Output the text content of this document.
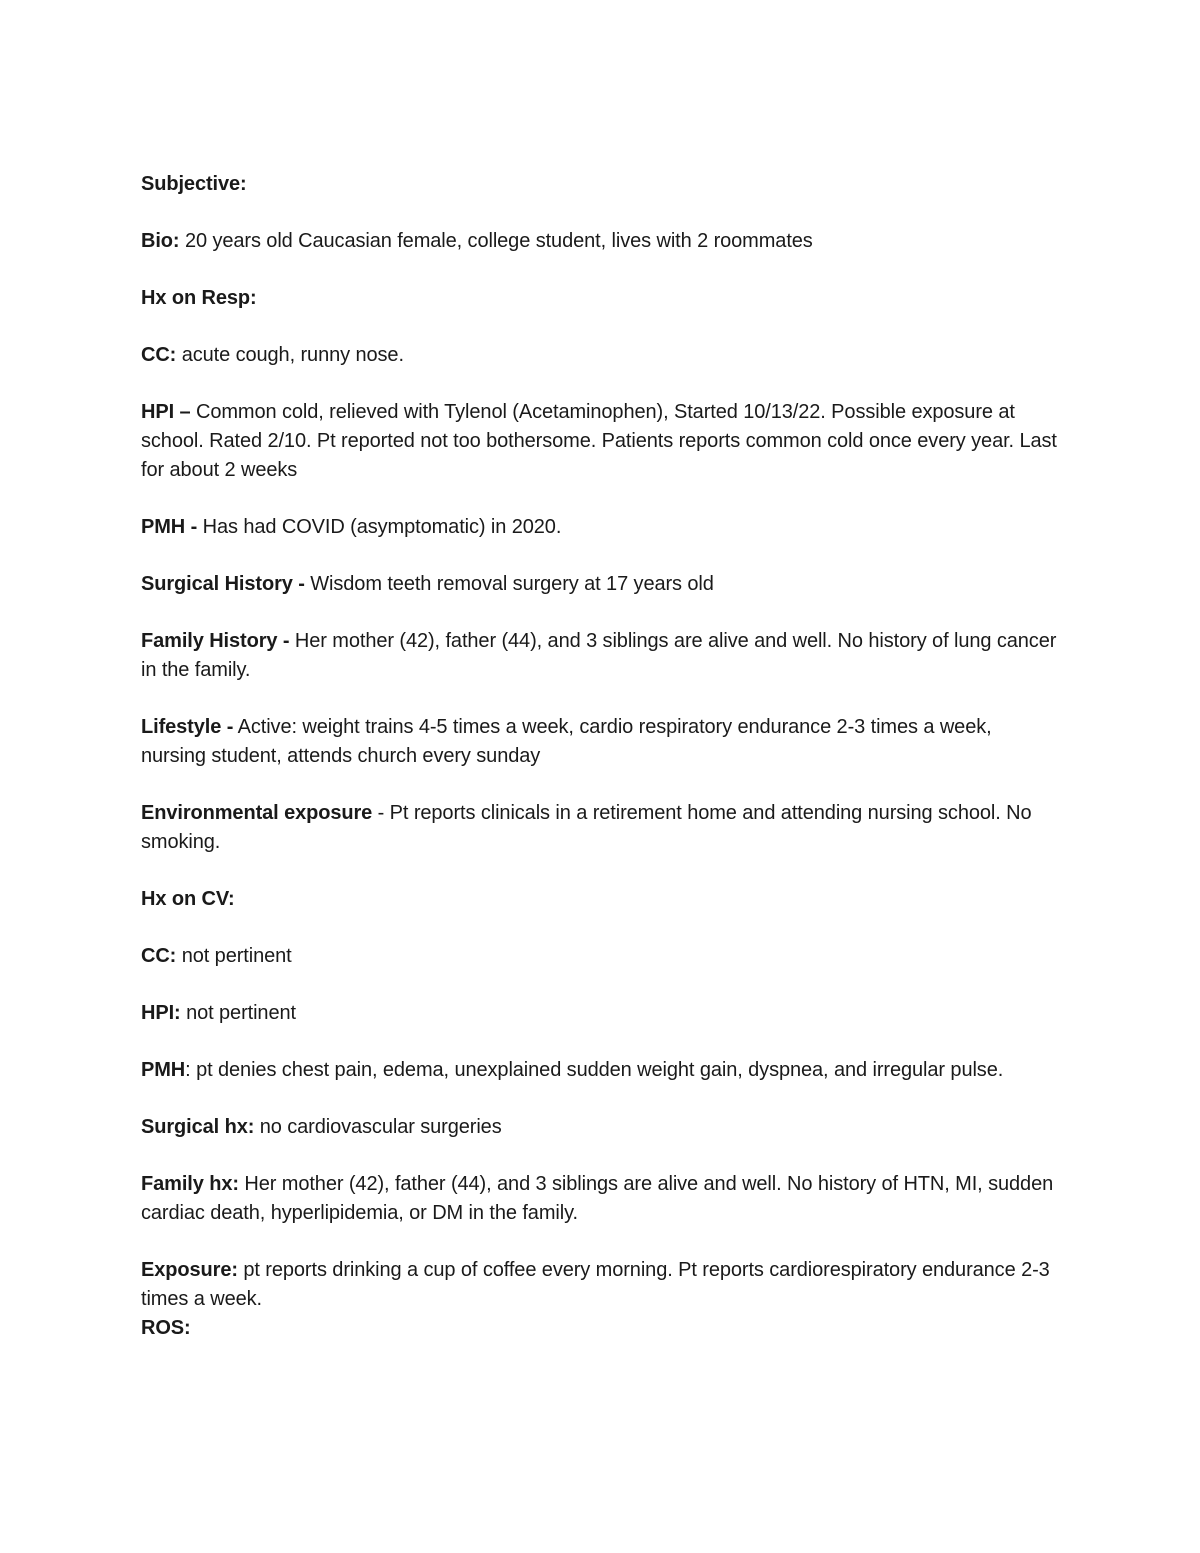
Subjective:

Bio: 20 years old Caucasian female, college student, lives with 2 roommates

Hx on Resp:

CC: acute cough, runny nose.

HPI – Common cold, relieved with Tylenol (Acetaminophen), Started 10/13/22. Possible exposure at school. Rated 2/10. Pt reported not too bothersome. Patients reports common cold once every year. Last for about 2 weeks

PMH - Has had COVID (asymptomatic) in 2020.

Surgical History - Wisdom teeth removal surgery at 17 years old

Family History - Her mother (42), father (44), and 3 siblings are alive and well. No history of lung cancer in the family.

Lifestyle - Active: weight trains 4-5 times a week, cardio respiratory endurance 2-3 times a week, nursing student, attends church every sunday

Environmental exposure - Pt reports clinicals in a retirement home and attending nursing school. No smoking.

Hx on CV:

CC: not pertinent

HPI: not pertinent

PMH: pt denies chest pain, edema, unexplained sudden weight gain, dyspnea, and irregular pulse.

Surgical hx: no cardiovascular surgeries

Family hx: Her mother (42), father (44), and 3 siblings are alive and well. No history of HTN, MI, sudden cardiac death, hyperlipidemia, or DM in the family.

Exposure: pt reports drinking a cup of coffee every morning. Pt reports cardiorespiratory endurance 2-3 times a week.

ROS:
